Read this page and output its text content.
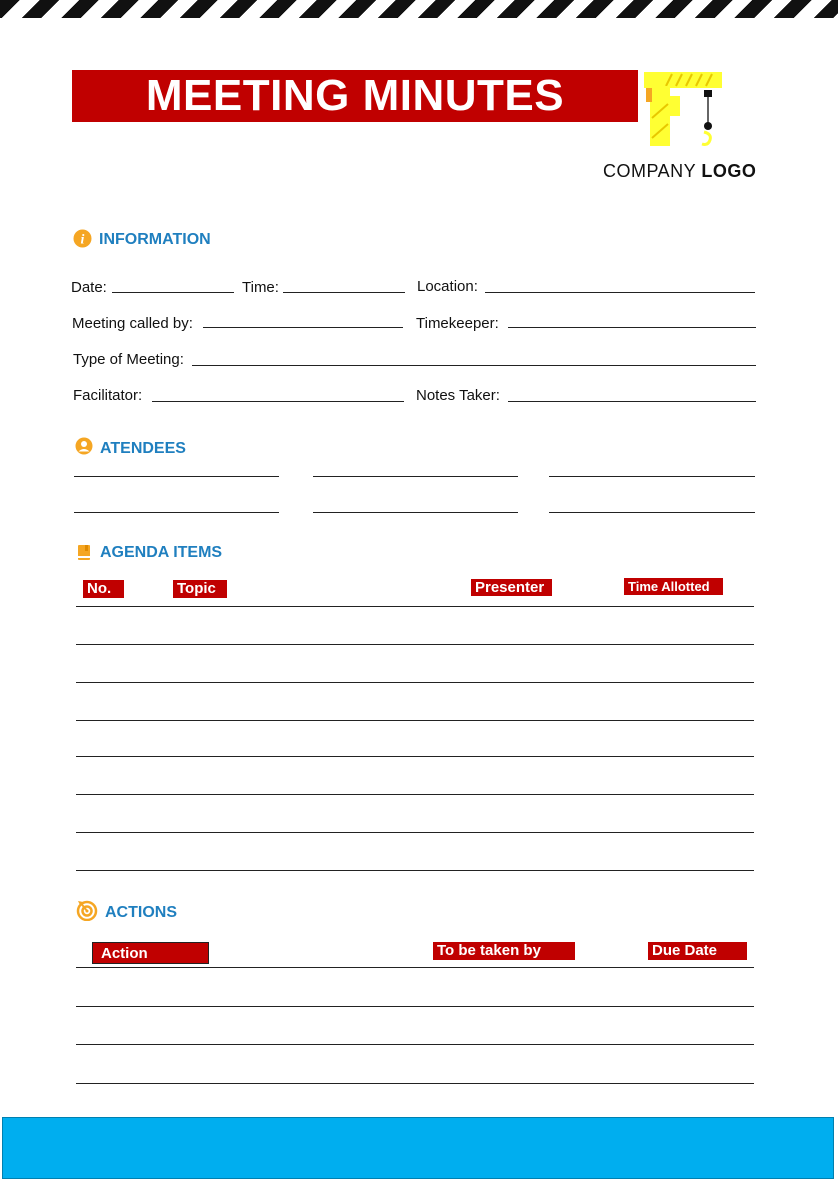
MEETING MINUTES
COMPANY LOGO
i INFORMATION
Date:	Time:	Location:
Meeting called by:	Timekeeper:
Type of Meeting:
Facilitator:	Notes Taker:
ATENDEES
AGENDA ITEMS
No.	Topic	Presenter	Time Allotted
ACTIONS
Action	To be taken by	Due Date
